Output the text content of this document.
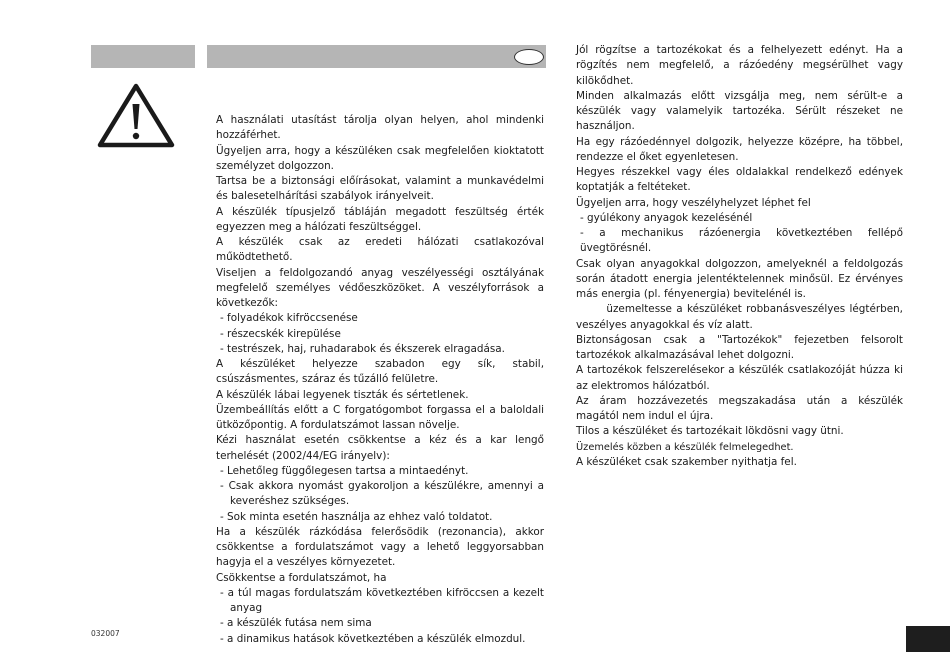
A használati utasítást tárolja olyan helyen, ahol mindenki hozzáférhet.

Ügyeljen arra, hogy a készüléken csak megfelelően kioktatott személyzet dolgozzon.

Tartsa be a biztonsági előírásokat, valamint a munkavédelmi és balesetelhárítási szabályok irányelveit.

A készülék típusjelző tábláján megadott feszültség érték egyezzen meg a hálózati feszültséggel.

A készülék csak az eredeti hálózati csatlakozóval működtethető.

Viseljen a feldolgozandó anyag veszélyességi osztályának megfelelő személyes védőeszközöket. A veszélyforrások a következők:

- folyadékok kifröccsenése

- részecskék kirepülése

- testrészek, haj, ruhadarabok és ékszerek elragadása.

A készüléket helyezze szabadon egy sík, stabil, csúszásmentes, száraz és tűzálló felületre.

A készülék lábai legyenek tiszták és sértetlenek.

Üzembeállítás előtt a C forgatógombot forgassa el a baloldali ütközőpontig. A fordulatszámot lassan növelje.

Kézi használat esetén csökkentse a kéz és a kar lengő terhelését (2002/44/EG irányelv):

- Lehetőleg függőlegesen tartsa a mintaedényt.

- Csak akkora nyomást gyakoroljon a készülékre, amennyi a keveréshez szükséges.

- Sok minta esetén használja az ehhez való toldatot.

Ha a készülék rázkódása felerősödik (rezonancia), akkor csökkentse a fordulatszámot vagy a lehető leggyorsabban hagyja el a veszélyes környezetet.

Csökkentse a fordulatszámot, ha

- a túl magas fordulatszám következtében kifröccsen a kezelt anyag

- a készülék futása nem sima

- a dinamikus hatások következtében a készülék elmozdul.

Jól rögzítse a tartozékokat és a felhelyezett edényt. Ha a rögzítés nem megfelelő, a rázóedény megsérülhet vagy kilökődhet.

Minden alkalmazás előtt vizsgálja meg, nem sérült-e a készülék vagy valamelyik tartozéka. Sérült részeket ne használjon.

Ha egy rázóedénnyel dolgozik, helyezze középre, ha többel, rendezze el őket egyenletesen.

Hegyes részekkel vagy éles oldalakkal rendelkező edények koptatják a feltéteket.

Ügyeljen arra, hogy veszélyhelyzet léphet fel

- gyúlékony anyagok kezelésénél

- a mechanikus rázóenergia következtében fellépő üvegtörésnél.

Csak olyan anyagokkal dolgozzon, amelyeknél a feldolgozás során átadott energia jelentéktelennek minősül. Ez érvényes más energia (pl. fényenergia) bevitelénél is.

üzemeltesse a készüléket robbanásveszélyes légtérben, veszélyes anyagokkal és víz alatt.

Biztonságosan csak a "Tartozékok" fejezetben felsorolt tartozékok alkalmazásával lehet dolgozni.

A tartozékok felszerelésekor a készülék csatlakozóját húzza ki az elektromos hálózatból.

Az áram hozzávezetés megszakadása után a készülék magától nem indul el újra.

Tilos a készüléket és tartozékait lökdösni vagy ütni.

Üzemelés közben a készülék felmelegedhet.

A készüléket csak szakember nyithatja fel.

032007
